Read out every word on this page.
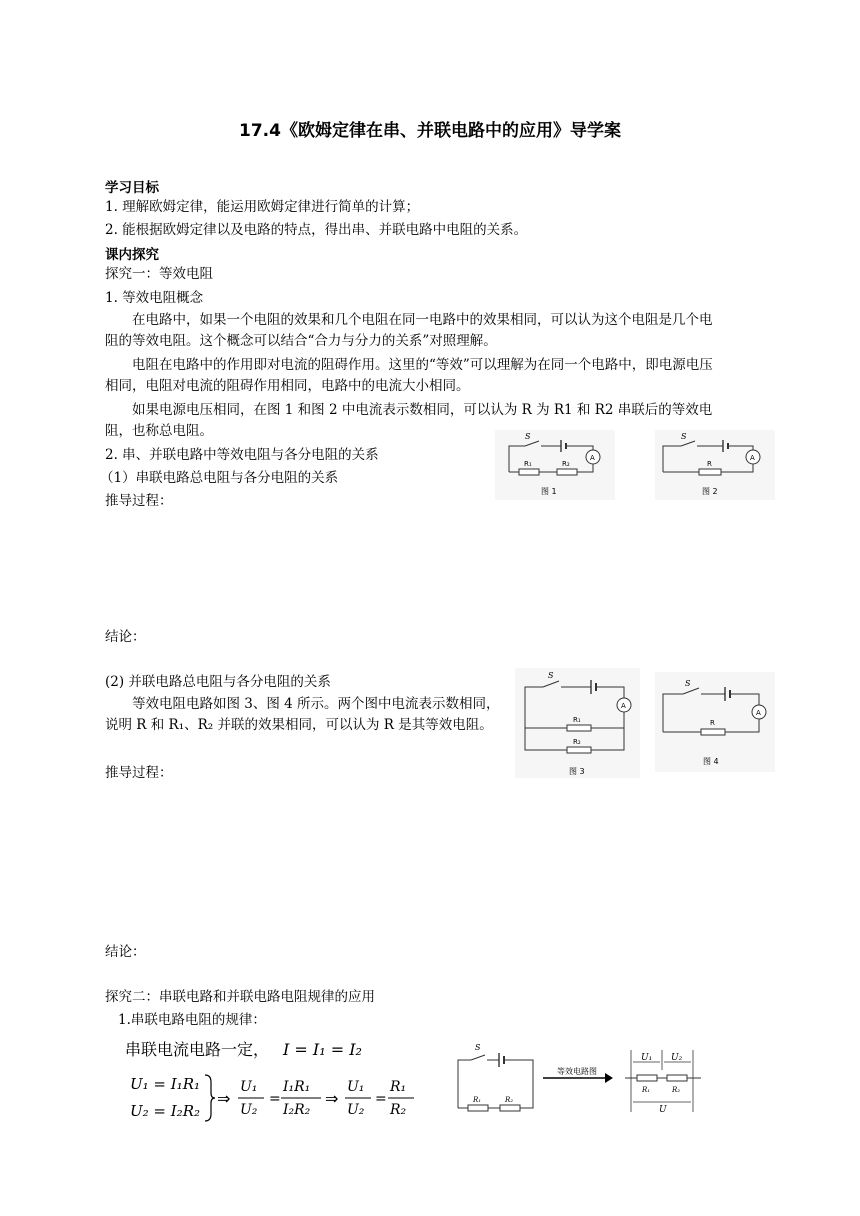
17.4《欧姆定律在串、并联电路中的应用》导学案
学习目标
1. 理解欧姆定律，能运用欧姆定律进行简单的计算；
2. 能根据欧姆定律以及电路的特点，得出串、并联电路中电阻的关系。
课内探究
探究一：等效电阻
1. 等效电阻概念
在电路中，如果一个电阻的效果和几个电阻在同一电路中的效果相同，可以认为这个电阻是几个电阻的等效电阻。这个概念可以结合“合力与分力的关系”对照理解。
电阻在电路中的作用即对电流的阻碍作用。这里的“等效”可以理解为在同一个电路中，即电源电压相同，电阻对电流的阻碍作用相同，电路中的电流大小相同。
如果电源电压相同，在图 1 和图 2 中电流表示数相同，可以认为 R 为 R1 和 R2 串联后的等效电阻，也称总电阻。
2. 串、并联电路中等效电阻与各分电阻的关系
（1）串联电路总电阻与各分电阻的关系
推导过程：
S
A
R₁	R₂
图 1
S
A
R
图 2
结论：
(2) 并联电路总电阻与各分电阻的关系
等效电阻电路如图 3、图 4 所示。两个图中电流表示数相同，说明 R 和 R₁、R₂ 并联的效果相同，可以认为 R 是其等效电阻。
推导过程：
S
A
R₁
R₂
图 3
S
A
R
图 4
结论：
探究二：串联电路和并联电路电阻规律的应用
1.串联电路电阻的规律：
串联电流电路一定， I = I₁ = I₂
U₁ = I₁R₁
U₂ = I₂R₂
⇒
U₁
U₂
=
I₁R₁
I₂R₂
⇒
U₁
U₂
=
R₁
R₂
S
R₁	R₂
等效电路图
U₁ U₂
R₁	R₂
U
